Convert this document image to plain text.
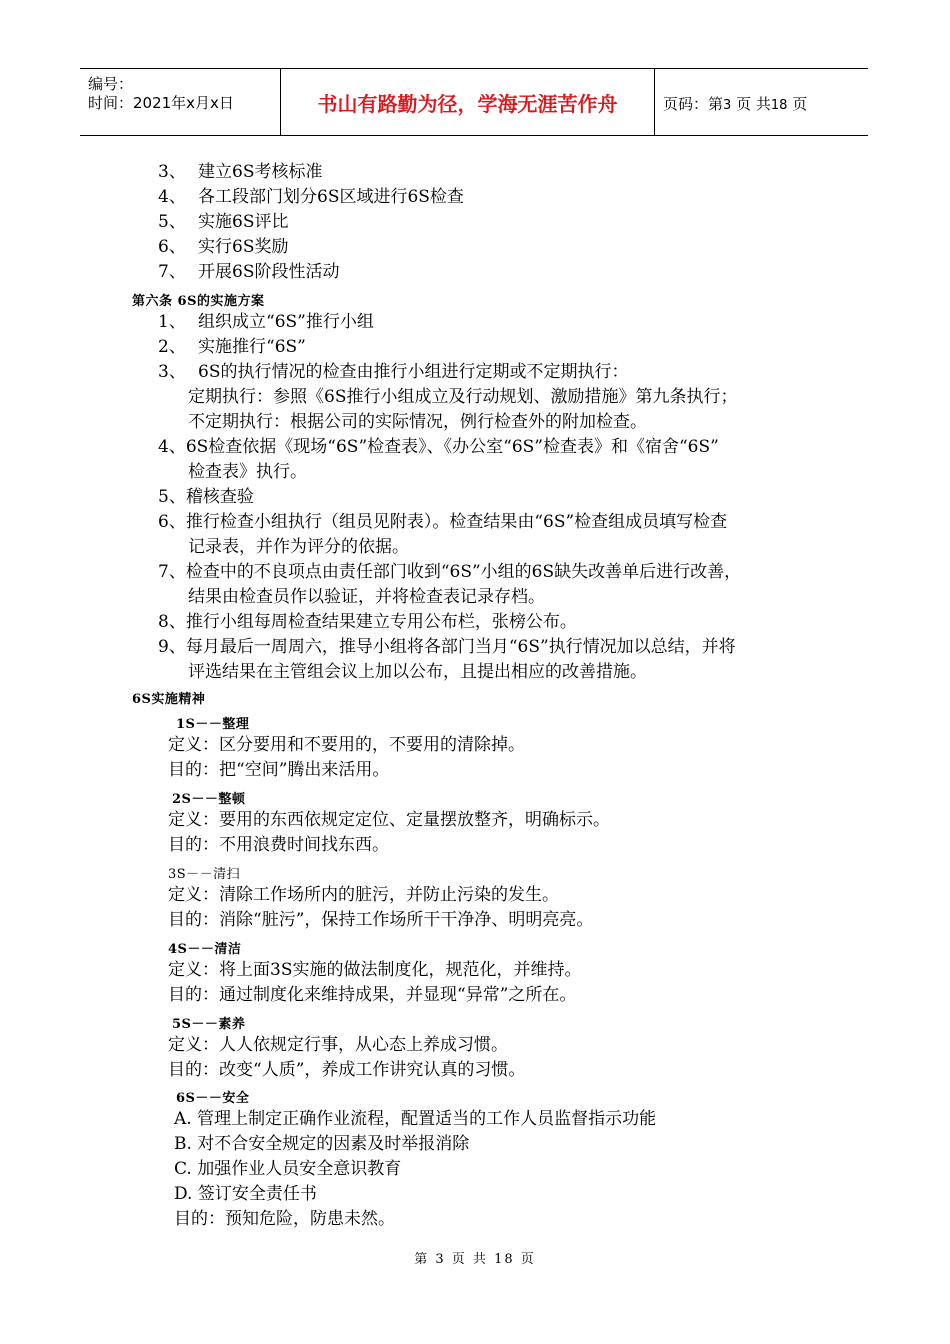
编号：
时间：2021年x月x日	书山有路勤为径，学海无涯苦作舟	页码：第3 页 共18 页
3、 建立6S考核标准
4、 各工段部门划分6S区域进行6S检查
5、 实施6S评比
6、 实行6S奖励
7、 开展6S阶段性活动
第六条 6S的实施方案
1、 组织成立“6S”推行小组
2、 实施推行“6S”
3、 6S的执行情况的检查由推行小组进行定期或不定期执行：
定期执行：参照《6S推行小组成立及行动规划、激励措施》第九条执行；
不定期执行：根据公司的实际情况，例行检查外的附加检查。
4、6S检查依据《现场“6S”检查表》、《办公室“6S”检查表》和《宿舍“6S”
检查表》执行。
5、稽核查验
6、推行检查小组执行（组员见附表）。检查结果由“6S”检查组成员填写检查
记录表，并作为评分的依据。
7、检查中的不良项点由责任部门收到“6S”小组的6S缺失改善单后进行改善，
结果由检查员作以验证，并将检查表记录存档。
8、推行小组每周检查结果建立专用公布栏，张榜公布。
9、每月最后一周周六，推导小组将各部门当月“6S”执行情况加以总结，并将
评选结果在主管组会议上加以公布，且提出相应的改善措施。
6S实施精神
1S－－整理
定义：区分要用和不要用的，不要用的清除掉。
目的：把“空间”腾出来活用。
2S－－整顿
定义：要用的东西依规定定位、定量摆放整齐，明确标示。
目的：不用浪费时间找东西。
3S－－清扫
定义：清除工作场所内的脏污，并防止污染的发生。
目的：消除“脏污”，保持工作场所干干净净、明明亮亮。
4S－－清洁
定义：将上面3S实施的做法制度化，规范化，并维持。
目的：通过制度化来维持成果，并显现“异常”之所在。
5S－－素养
定义：人人依规定行事，从心态上养成习惯。
目的：改变“人质”，养成工作讲究认真的习惯。
6S－－安全
A. 管理上制定正确作业流程，配置适当的工作人员监督指示功能
B. 对不合安全规定的因素及时举报消除
C. 加强作业人员安全意识教育
D. 签订安全责任书
目的：预知危险，防患未然。
第 3 页 共 18 页
